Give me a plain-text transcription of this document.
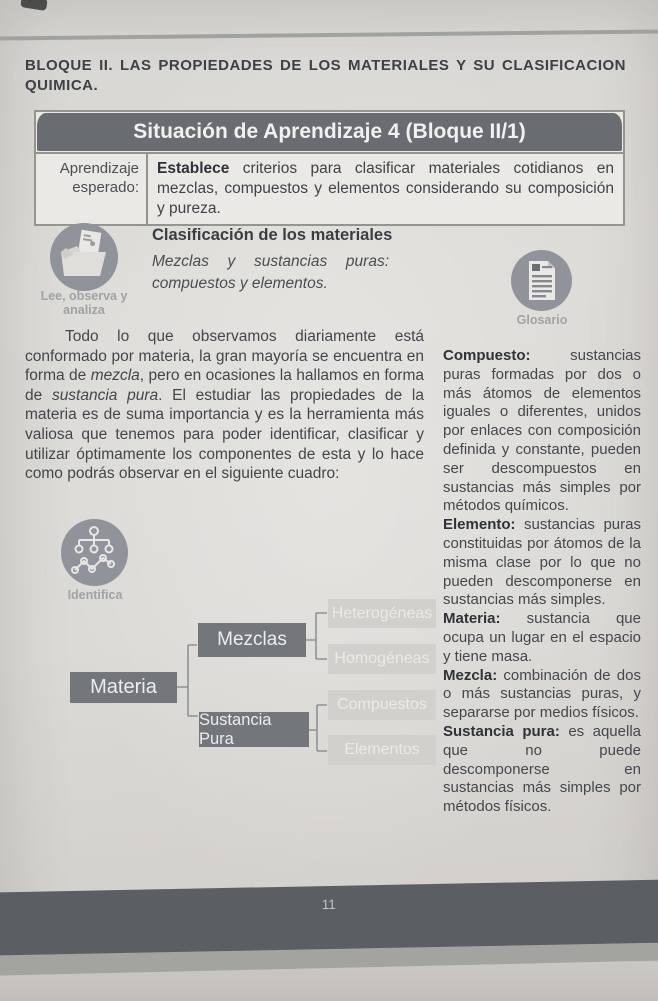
BLOQUE II. LAS PROPIEDADES DE LOS MATERIALES Y SU CLASIFICACION QUIMICA.
Situación de Aprendizaje 4 (Bloque II/1)
Aprendizaje esperado:
Establece criterios para clasificar materiales cotidianos en mezclas, compuestos y elementos considerando su composición y pureza.
Lee, observa y analiza
Clasificación de los materiales
Mezclas y sustancias puras:
compuestos y elementos.
Glosario

Todo lo que observamos diariamente está conformado por materia, la gran mayoría se encuentra en forma de mezcla, pero en ocasiones la hallamos en forma de sustancia pura. El estudiar las propiedades de la materia es de suma importancia y es la herramienta más valiosa que tenemos para poder identificar, clasificar y utilizar óptimamente los componentes de esta y lo hace como podrás observar en el siguiente cuadro:

Compuesto: sustancias puras formadas por dos o más átomos de elementos iguales o diferentes, unidos por enlaces con composición definida y constante, pueden ser descompuestos en sustancias más simples por métodos químicos.

Elemento: sustancias puras constituidas por átomos de la misma clase por lo que no pueden descomponerse en sustancias más simples.

Materia: sustancia que ocupa un lugar en el espacio y tiene masa.

Mezcla: combinación de dos o más sustancias puras, y separarse por medios físicos.

Sustancia pura: es aquella que no puede descomponerse en sustancias más simples por métodos físicos.

Identifica
Materia
Mezclas
Sustancia Pura
Heterogéneas
Homogéneas
Compuestos
Elementos
11
